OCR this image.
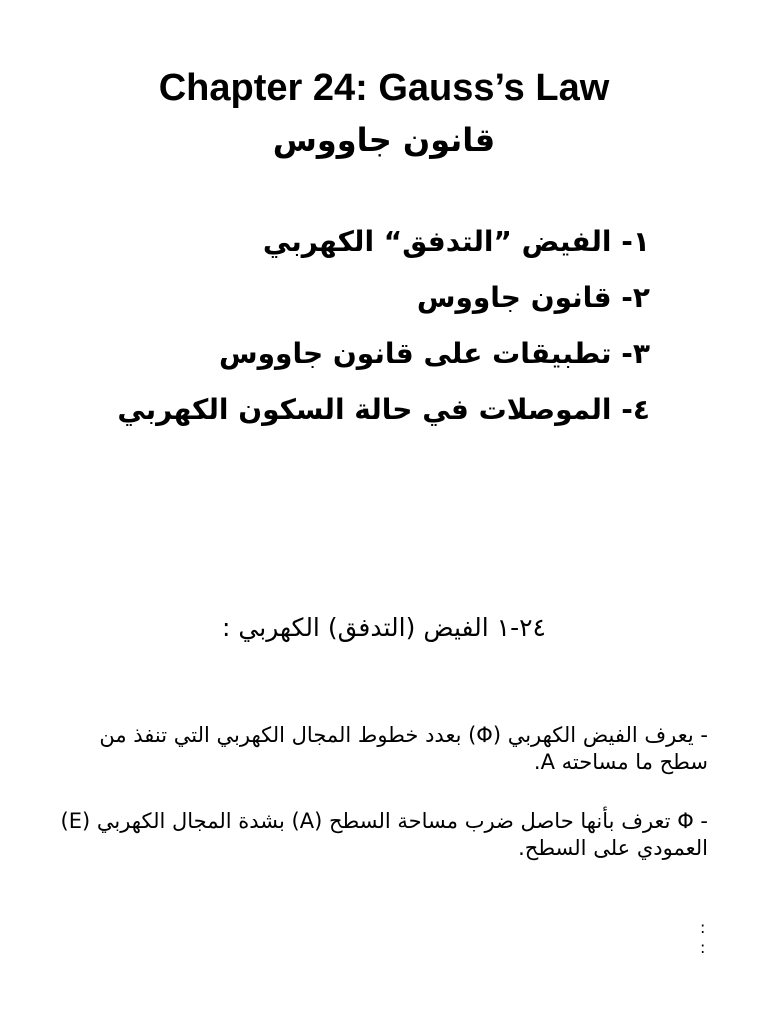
Chapter 24: Gauss’s Law
قانون جاووس
١- الفيض ”التدفق“ الكهربي
٢- قانون جاووس
٣- تطبيقات على قانون جاووس
٤- الموصلات في حالة السكون الكهربي
٢٤-١ الفيض (التدفق) الكهربي :

- يعرف الفيض الكهربي (Φ) بعدد خطوط المجال الكهربي التي تنفذ من سطح ما مساحته A.

- Φ تعرف بأنها حاصل ضرب مساحة السطح (A) بشدة المجال الكهربي (E) العمودي على السطح.

:
:
